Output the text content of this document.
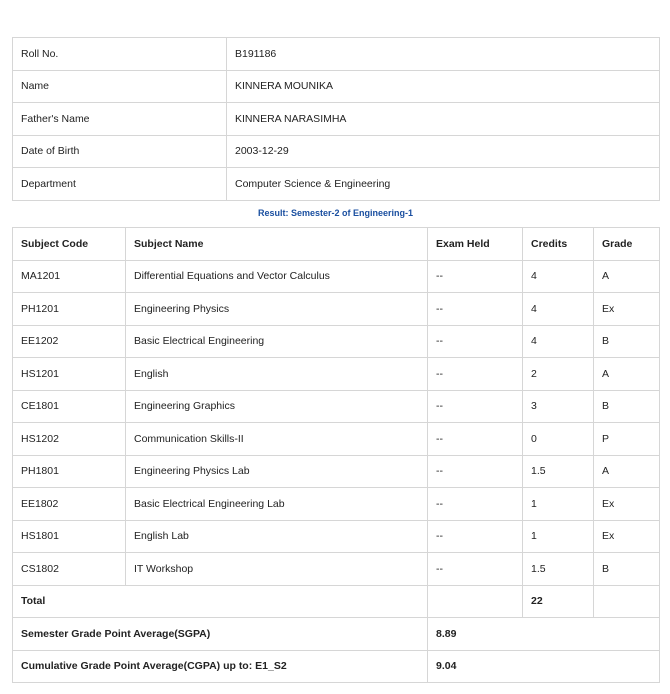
Roll No.	B191186
Name	KINNERA MOUNIKA
Father's Name	KINNERA NARASIMHA
Date of Birth	2003-12-29
Department	Computer Science & Engineering
Result: Semester-2 of Engineering-1
Subject Code	Subject Name	Exam Held	Credits	Grade
MA1201	Differential Equations and Vector Calculus	--	4	A
PH1201	Engineering Physics	--	4	Ex
EE1202	Basic Electrical Engineering	--	4	B
HS1201	English	--	2	A
CE1801	Engineering Graphics	--	3	B
HS1202	Communication Skills-II	--	0	P
PH1801	Engineering Physics Lab	--	1.5	A
EE1802	Basic Electrical Engineering Lab	--	1	Ex
HS1801	English Lab	--	1	Ex
CS1802	IT Workshop	--	1.5	B
Total			22	
Semester Grade Point Average(SGPA)		8.89		
Cumulative Grade Point Average(CGPA) up to: E1_S2		9.04		
